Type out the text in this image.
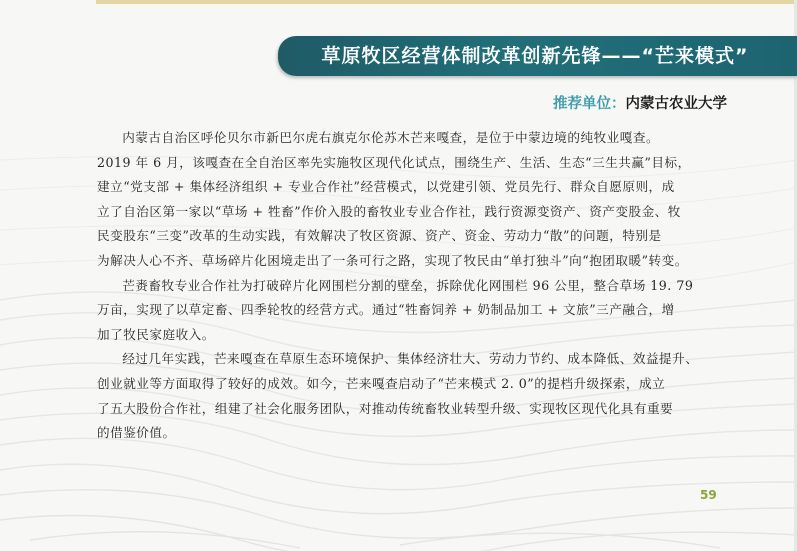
草原牧区经营体制改革创新先锋——“芒来模式”
推荐单位：内蒙古农业大学
内蒙古自治区呼伦贝尔市新巴尔虎右旗克尔伦苏木芒来嘎查，是位于中蒙边境的纯牧业嘎查。
2019 年 6 月，该嘎查在全自治区率先实施牧区现代化试点，围绕生产、生活、生态“三生共赢”目标，
建立“党支部 + 集体经济组织 + 专业合作社”经营模式，以党建引领、党员先行、群众自愿原则，成
立了自治区第一家以“草场 + 牲畜”作价入股的畜牧业专业合作社，践行资源变资产、资产变股金、牧
民变股东“三变”改革的生动实践，有效解决了牧区资源、资产、资金、劳动力“散”的问题，特别是
为解决人心不齐、草场碎片化困境走出了一条可行之路，实现了牧民由“单打独斗”向“抱团取暖”转变。
芒赉畜牧专业合作社为打破碎片化网围栏分割的壁垒，拆除优化网围栏 96 公里，整合草场 19. 79
万亩，实现了以草定畜、四季轮牧的经营方式。通过“牲畜饲养 + 奶制品加工 + 文旅”三产融合，增
加了牧民家庭收入。
经过几年实践，芒来嘎查在草原生态环境保护、集体经济壮大、劳动力节约、成本降低、效益提升、
创业就业等方面取得了较好的成效。如今，芒来嘎查启动了“芒来模式 2. 0”的提档升级探索，成立
了五大股份合作社，组建了社会化服务团队，对推动传统畜牧业转型升级、实现牧区现代化具有重要
的借鉴价值。
59
